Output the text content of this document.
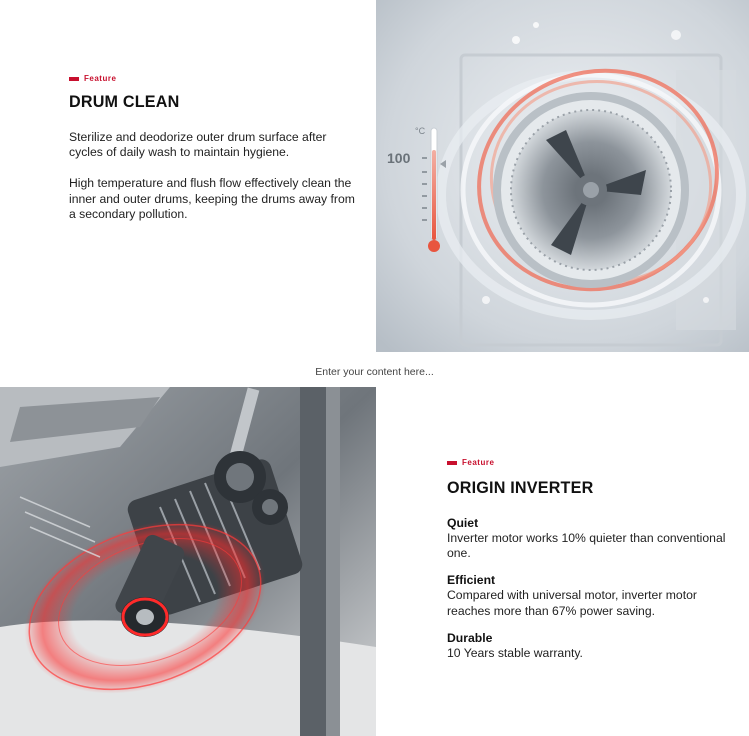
Feature
DRUM CLEAN

Sterilize and deodorize outer drum surface after cycles of daily wash to maintain hygiene.

High temperature and flush flow effectively clean the inner and outer drums, keeping the drums away from a secondary pollution.

°C
100
Enter your content here...
Feature
ORIGIN INVERTER
Quiet
Inverter motor works 10% quieter than conventional one.
Efficient
Compared with universal motor, inverter motor reaches more than 67% power saving.
Durable
10 Years stable warranty.
